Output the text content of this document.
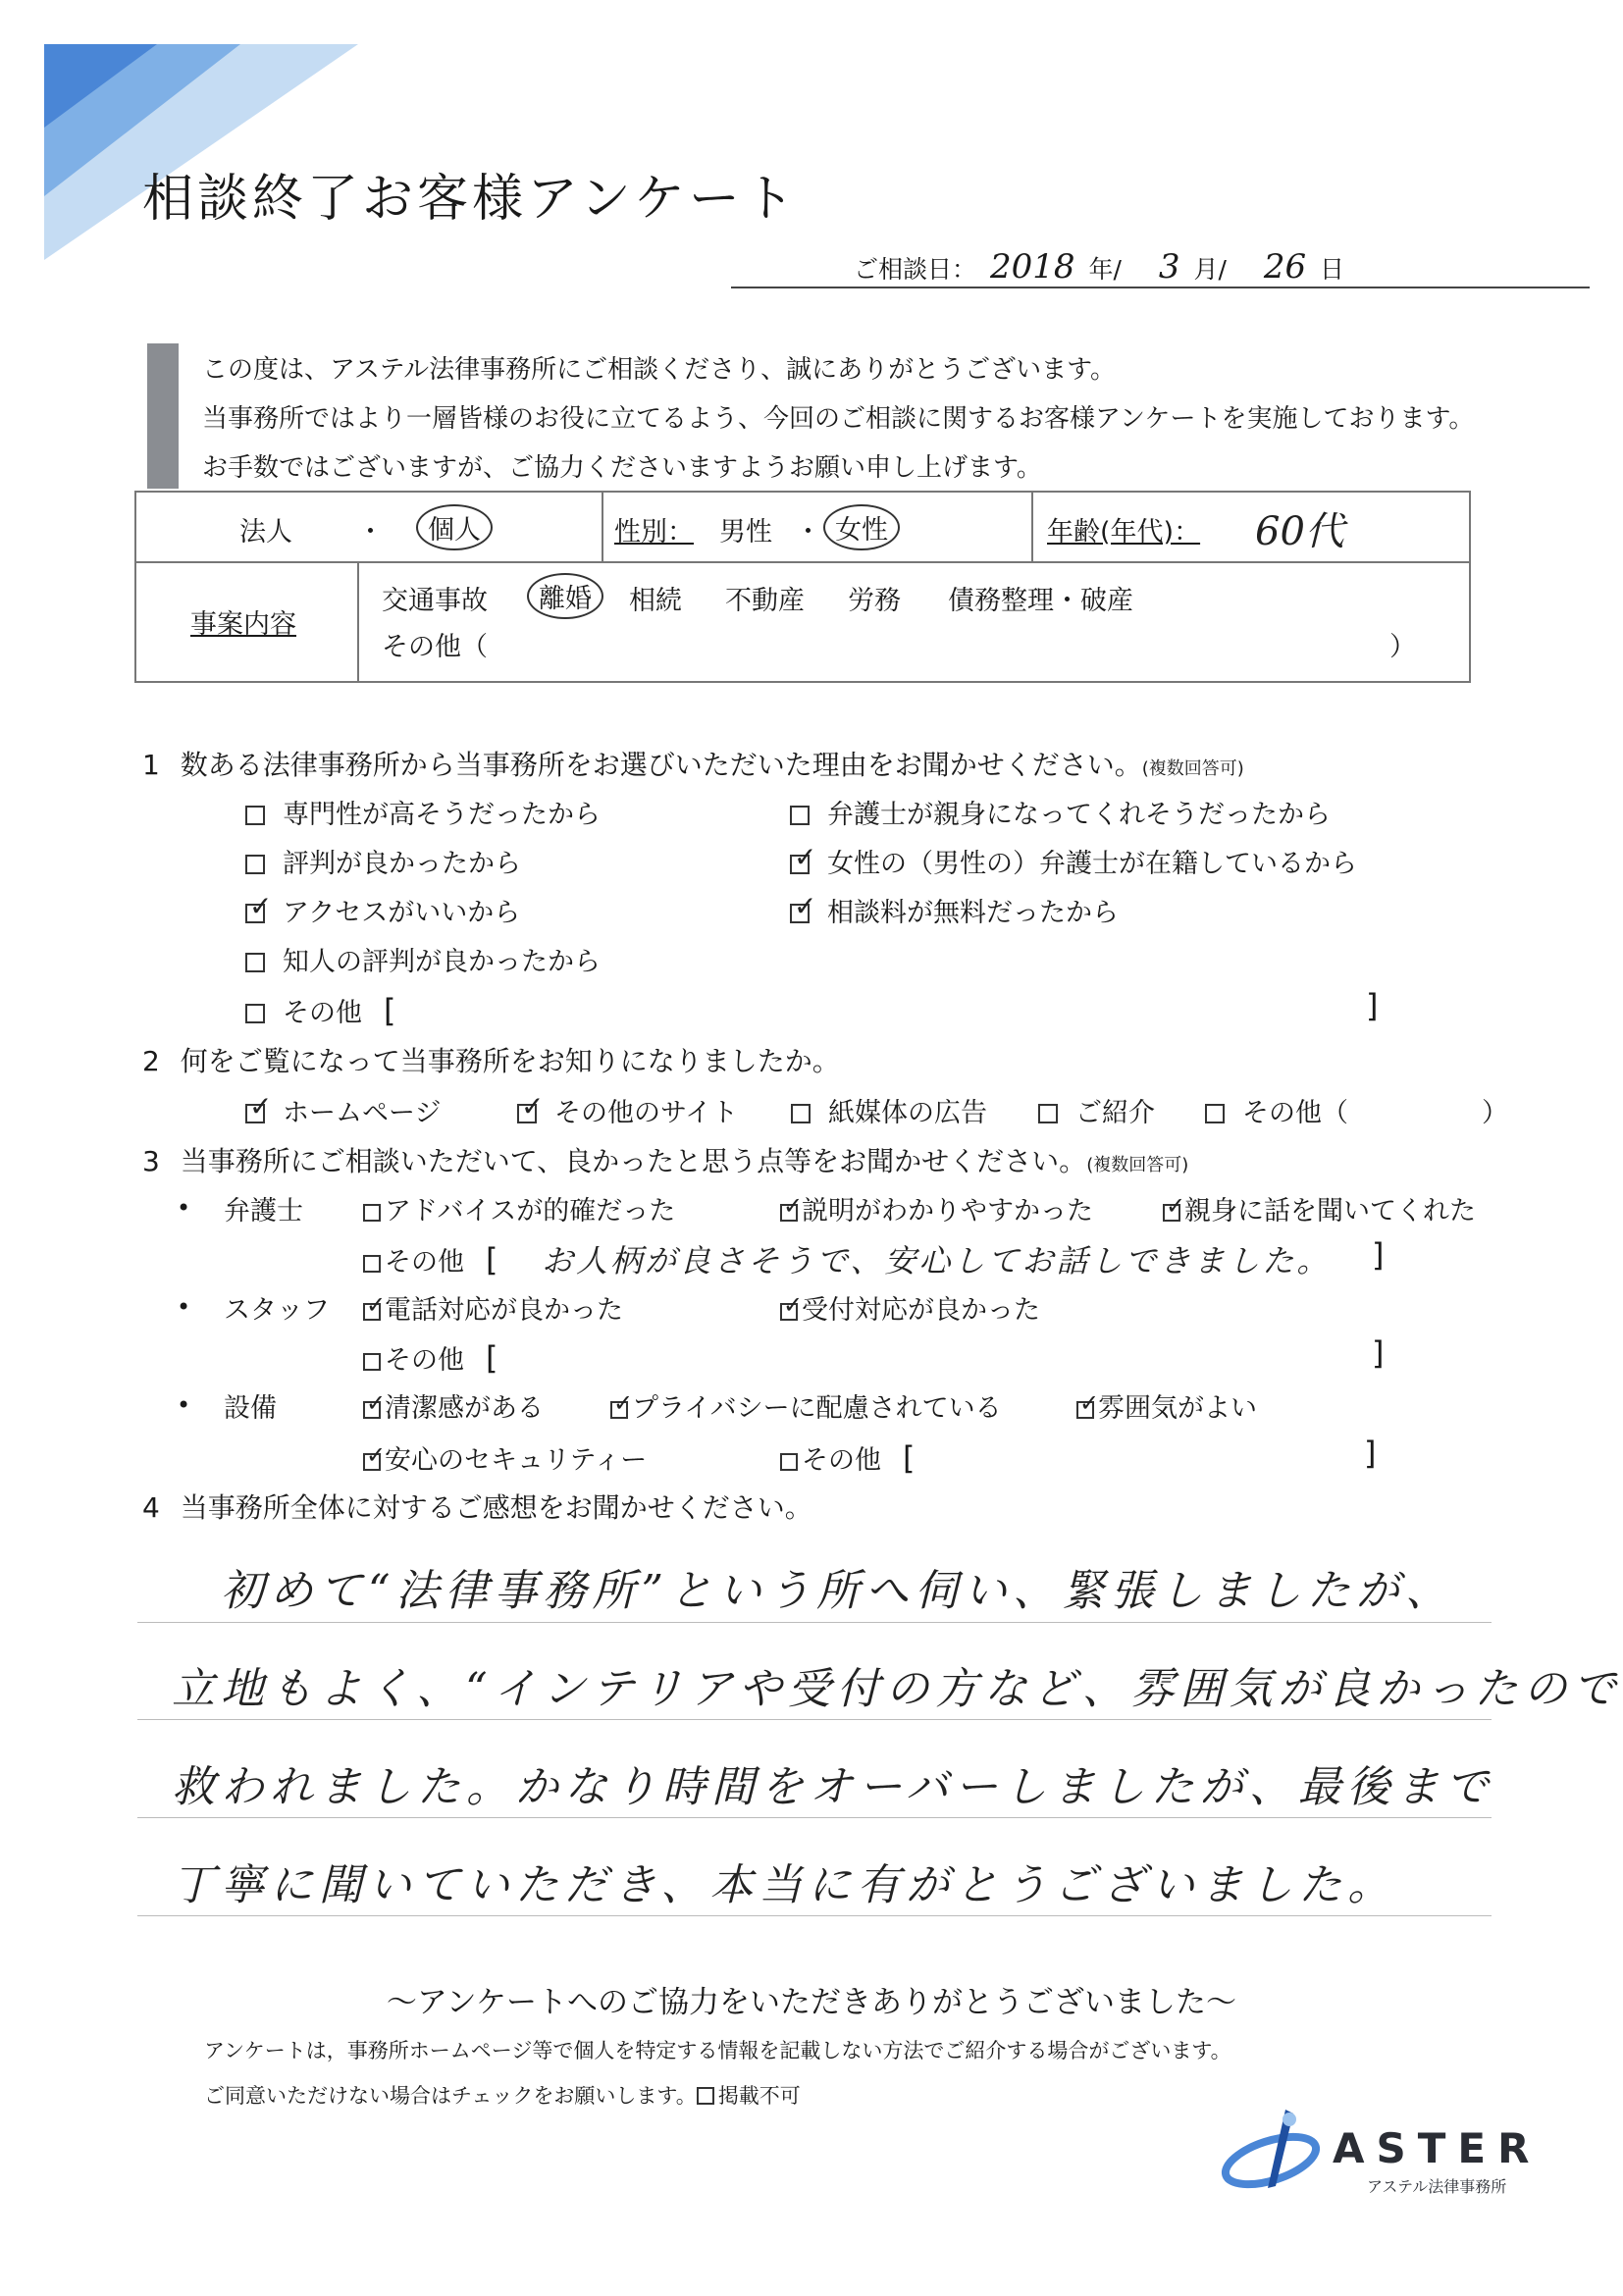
相談終了お客様アンケート
ご相談日： 2018 年/ 3 月/ 26 日
この度は、アステル法律事務所にご相談くださり、誠にありがとうございます。
当事務所ではより一層皆様のお役に立てるよう、今回のご相談に関するお客様アンケートを実施しております。
お手数ではございますが、ご協力くださいますようお願い申し上げます。
法人 ・	個人	性別： 男性 ・ 女性	年齢(年代)： 60代
事案内容
交通事故	離婚	相続 不動産 労務 債務整理・破産
その他（	）
1 数ある法律事務所から当事務所をお選びいただいた理由をお聞かせください。(複数回答可)
専門性が高そうだったから
評判が良かったから
✓アクセスがいいから
知人の評判が良かったから
その他 [	]
弁護士が親身になってくれそうだったから
✓女性の（男性の）弁護士が在籍しているから
✓相談料が無料だったから
2 何をご覧になって当事務所をお知りになりましたか。
✓ホームページ ✓	その他のサイト	紙媒体の広告	ご紹介	その他（	）
3 当事務所にご相談いただいて、良かったと思う点等をお聞かせください。(複数回答可)
• 弁護士	アドバイスが的確だった ✓	説明がわかりやすかった ✓	親身に話を聞いてくれた
その他 [ お人柄が良さそうで、安心してお話しできました。 ]
• スタッフ ✓	電話対応が良かった ✓	受付対応が良かった
その他 [	]
• 設備 ✓	清潔感がある ✓	プライバシーに配慮されている ✓	雰囲気がよい
✓安心のセキュリティー	その他 [	]
4 当事務所全体に対するご感想をお聞かせください。
初めて“法律事務所”という所へ伺い、緊張しましたが、
立地もよく、“インテリアや受付の方など、雰囲気が良かったので
救われました。かなり時間をオーバーしましたが、最後まで
丁寧に聞いていただき、本当に有がとうございました。
～アンケートへのご協力をいただきありがとうございました～
アンケートは，事務所ホームページ等で個人を特定する情報を記載しない方法でご紹介する場合がございます。
ご同意いただけない場合はチェックをお願いします。 掲載不可
ASTER
アステル法律事務所
